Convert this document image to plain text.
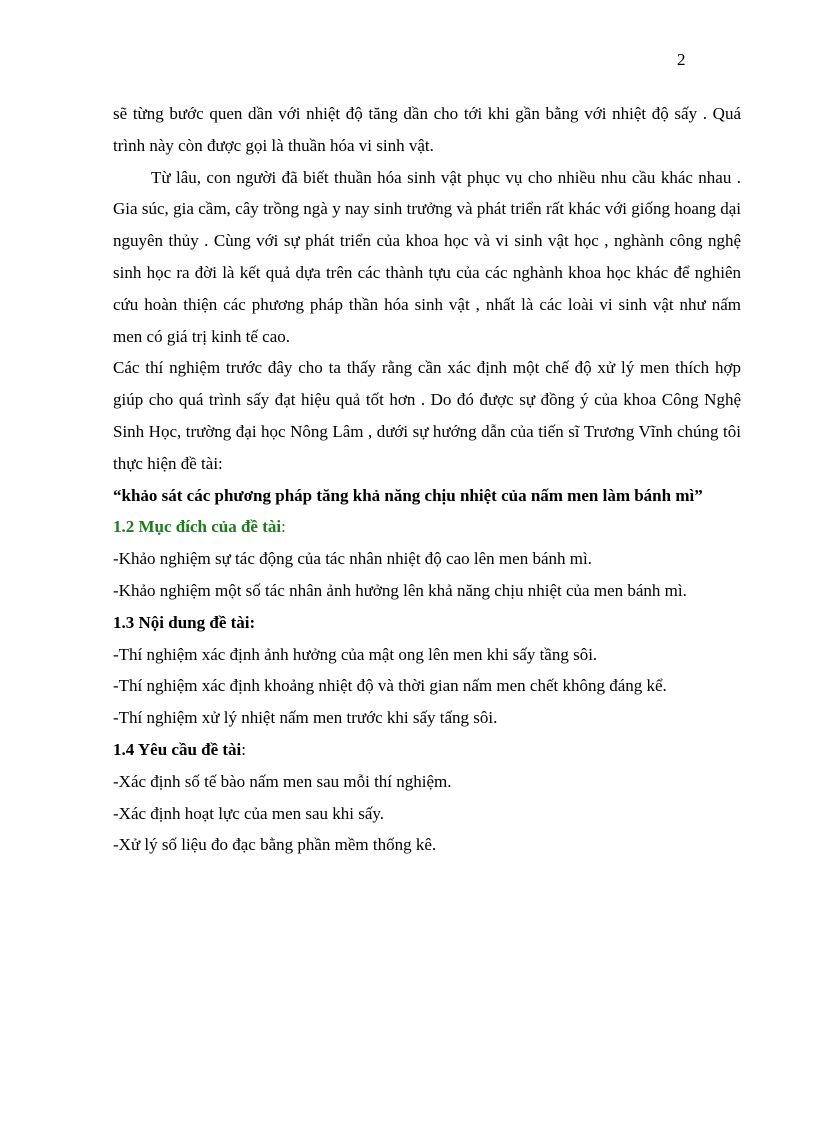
2

sẽ từng bước quen dần với nhiệt độ tăng dần cho tới khi gần bằng với nhiệt độ sấy . Quá trình này còn được gọi là thuần hóa vi sinh vật.

Từ lâu, con người đã biết thuần hóa sinh vật phục vụ cho nhiều nhu cầu khác nhau . Gia súc, gia cầm, cây trồng ngà y nay sinh trưởng và phát triển rất khác với giống hoang dại nguyên thủy . Cùng với sự phát triển của khoa học và vi sinh vật học , nghành công nghệ sinh học ra đời là kết quả dựa trên các thành tựu của các nghành khoa học khác để nghiên cứu hoàn thiện các phương pháp thần hóa sinh vật , nhất là các loài vi sinh vật như nấm men có giá trị kinh tế cao.

Các thí nghiệm trước đây cho ta thấy rằng cần xác định một chế độ xử lý men thích hợp giúp cho quá trình sấy đạt hiệu quả tốt hơn . Do đó được sự đồng ý của khoa Công Nghệ Sinh Học, trường đại học Nông Lâm , dưới sự hướng dẫn của tiến sĩ Trương Vĩnh chúng tôi thực hiện đề tài:

“khảo sát các phương pháp tăng khả năng chịu nhiệt của nấm men làm bánh mì”

1.2 Mục đích của đề tài:

-Khảo nghiệm sự tác động của tác nhân nhiệt độ cao lên men bánh mì.

-Khảo nghiệm một số tác nhân ảnh hưởng lên khả năng chịu nhiệt của men bánh mì.

1.3 Nội dung đề tài:

-Thí nghiệm xác định ảnh hưởng của mật ong lên men khi sấy tầng sôi.

-Thí nghiệm xác định khoảng nhiệt độ và thời gian nấm men chết không đáng kể.

-Thí nghiệm xử lý nhiệt nấm men trước khi sấy tấng sôi.

1.4 Yêu cầu đề tài:

-Xác định số tế bào nấm men sau mỗi thí nghiệm.

-Xác định hoạt lực của men sau khi sấy.

-Xử lý số liệu đo đạc bằng phần mềm thống kê.
